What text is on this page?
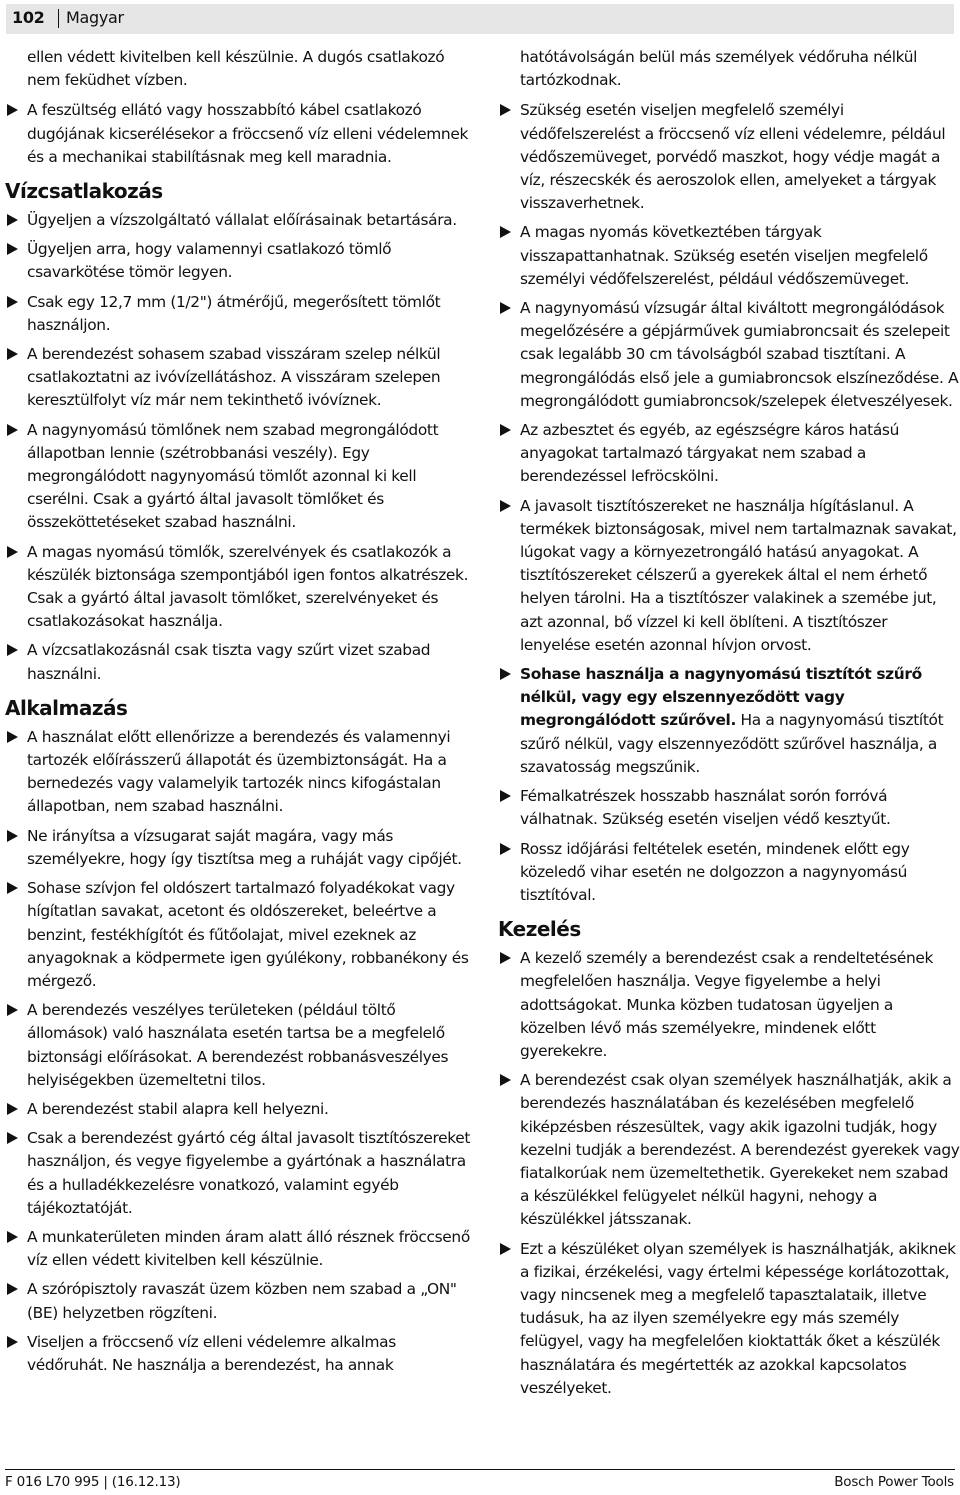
102 Magyar

ellen védett kivitelben kell készülnie. A dugós csatlakozó nem feküdhet vízben.

A feszültség ellátó vagy hosszabbító kábel csatlakozó dugójának kicserélésekor a fröccsenő víz elleni védelemnek és a mechanikai stabilításnak meg kell maradnia.
Vízcsatlakozás
Ügyeljen a vízszolgáltató vállalat előírásainak betartására.
Ügyeljen arra, hogy valamennyi csatlakozó tömlő csavarkötése tömör legyen.
Csak egy 12,7 mm (1/2") átmérőjű, megerősített tömlőt használjon.
A berendezést sohasem szabad visszáram szelep nélkül csatlakoztatni az ivóvízellátáshoz. A visszáram szelepen keresztülfolyt víz már nem tekinthető ivóvíznek.
A nagynyomású tömlőnek nem szabad megrongálódott állapotban lennie (szétrobbanási veszély). Egy megrongálódott nagynyomású tömlőt azonnal ki kell cserélni. Csak a gyártó által javasolt tömlőket és összeköttetéseket szabad használni.
A magas nyomású tömlők, szerelvények és csatlakozók a készülék biztonsága szempontjából igen fontos alkatrészek. Csak a gyártó által javasolt tömlőket, szerelvényeket és csatlakozásokat használja.
A vízcsatlakozásnál csak tiszta vagy szűrt vizet szabad használni.
Alkalmazás
A használat előtt ellenőrizze a berendezés és valamennyi tartozék előírásszerű állapotát és üzembiztonságát. Ha a bernedezés vagy valamelyik tartozék nincs kifogástalan állapotban, nem szabad használni.
Ne irányítsa a vízsugarat saját magára, vagy más személyekre, hogy így tisztítsa meg a ruháját vagy cipőjét.
Sohase szívjon fel oldószert tartalmazó folyadékokat vagy hígítatlan savakat, acetont és oldószereket, beleértve a benzint, festékhígítót és fűtőolajat, mivel ezeknek az anyagoknak a ködpermete igen gyúlékony, robbanékony és mérgező.
A berendezés veszélyes területeken (például töltő állomások) való használata esetén tartsa be a megfelelő biztonsági előírásokat. A berendezést robbanásveszélyes helyiségekben üzemeltetni tilos.
A berendezést stabil alapra kell helyezni.
Csak a berendezést gyártó cég által javasolt tisztítószereket használjon, és vegye figyelembe a gyártónak a használatra és a hulladékkezelésre vonatkozó, valamint egyéb tájékoztatóját.
A munkaterületen minden áram alatt álló résznek fröccsenő víz ellen védett kivitelben kell készülnie.
A szórópisztoly ravaszát üzem közben nem szabad a „ON" (BE) helyzetben rögzíteni.
Viseljen a fröccsenő víz elleni védelemre alkalmas védőruhát. Ne használja a berendezést, ha annak

hatótávolságán belül más személyek védőruha nélkül tartózkodnak.

Szükség esetén viseljen megfelelő személyi védőfelszerelést a fröccsenő víz elleni védelemre, például védőszemüveget, porvédő maszkot, hogy védje magát a víz, részecskék és aeroszolok ellen, amelyeket a tárgyak visszaverhetnek.
A magas nyomás következtében tárgyak visszapattanhatnak. Szükség esetén viseljen megfelelő személyi védőfelszerelést, például védőszemüveget.
A nagynyomású vízsugár által kiváltott megrongálódások megelőzésére a gépjárművek gumiabroncsait és szelepeit csak legalább 30 cm távolságból szabad tisztítani. A megrongálódás első jele a gumiabroncsok elszíneződése. A megrongálódott gumiabroncsok/szelepek életveszélyesek.
Az azbesztet és egyéb, az egészségre káros hatású anyagokat tartalmazó tárgyakat nem szabad a berendezéssel lefröcskölni.
A javasolt tisztítószereket ne használja hígításlanul. A termékek biztonságosak, mivel nem tartalmaznak savakat, lúgokat vagy a környezetrongáló hatású anyagokat. A tisztítószereket célszerű a gyerekek által el nem érhető helyen tárolni. Ha a tisztítószer valakinek a szemébe jut, azt azonnal, bő vízzel ki kell öblíteni. A tisztítószer lenyelése esetén azonnal hívjon orvost.
Sohase használja a nagynyomású tisztítót szűrő nélkül, vagy egy elszennyeződött vagy megrongálódott szűrővel. Ha a nagynyomású tisztítót szűrő nélkül, vagy elszennyeződött szűrővel használja, a szavatosság megszűnik.
Fémalkatrészek hosszabb használat sorón forróvá válhatnak. Szükség esetén viseljen védő kesztyűt.
Rossz időjárási feltételek esetén, mindenek előtt egy közeledő vihar esetén ne dolgozzon a nagynyomású tisztítóval.
Kezelés
A kezelő személy a berendezést csak a rendeltetésének megfelelően használja. Vegye figyelembe a helyi adottságokat. Munka közben tudatosan ügyeljen a közelben lévő más személyekre, mindenek előtt gyerekekre.
A berendezést csak olyan személyek használhatják, akik a berendezés használatában és kezelésében megfelelő kiképzésben részesültek, vagy akik igazolni tudják, hogy kezelni tudják a berendezést. A berendezést gyerekek vagy fiatalkorúak nem üzemeltethetik. Gyerekeket nem szabad a készülékkel felügyelet nélkül hagyni, nehogy a készülékkel játsszanak.
Ezt a készüléket olyan személyek is használhatják, akiknek a fizikai, érzékelési, vagy értelmi képessége korlátozottak, vagy nincsenek meg a megfelelő tapasztalataik, illetve tudásuk, ha az ilyen személyekre egy más személy felügyel, vagy ha megfelelően kioktatták őket a készülék használatára és megértették az azokkal kapcsolatos veszélyeket.
F 016 L70 995 | (16.12.13)	Bosch Power Tools
